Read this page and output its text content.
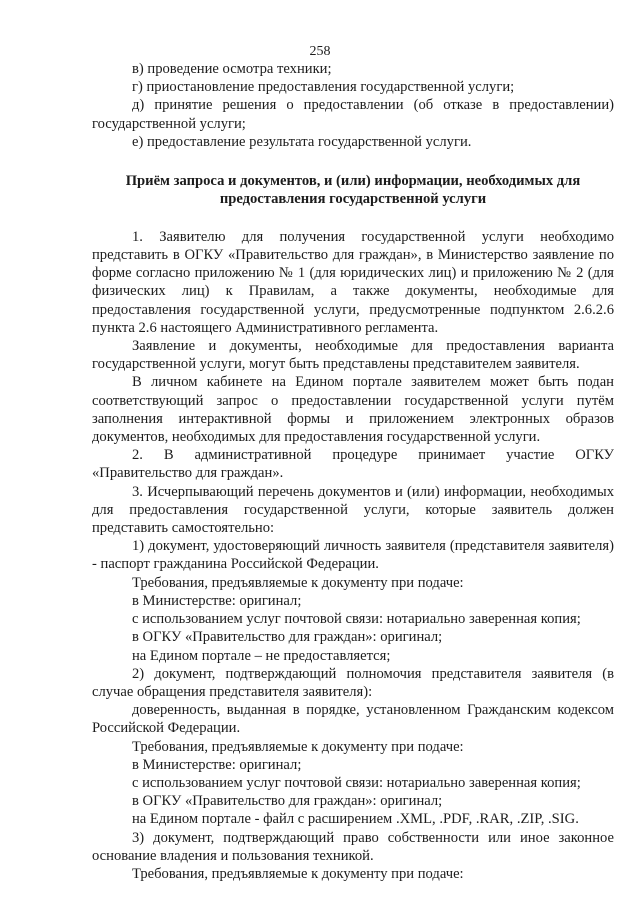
258

в) проведение осмотра техники;

г) приостановление предоставления государственной услуги;

д) принятие решения о предоставлении (об отказе в предоставлении) государственной услуги;

е) предоставление результата государственной услуги.

Приём запроса и документов, и (или) информации, необходимых для предоставления государственной услуги

1. Заявителю для получения государственной услуги необходимо представить в ОГКУ «Правительство для граждан», в Министерство заявление по форме согласно приложению № 1 (для юридических лиц) и приложению № 2 (для физических лиц) к Правилам, а также документы, необходимые для предоставления государственной услуги, предусмотренные подпунктом 2.6.2.6 пункта 2.6 настоящего Административного регламента.

Заявление и документы, необходимые для предоставления варианта государственной услуги, могут быть представлены представителем заявителя.

В личном кабинете на Едином портале заявителем может быть подан соответствующий запрос о предоставлении государственной услуги путём заполнения интерактивной формы и приложением электронных образов документов, необходимых для предоставления государственной услуги.

2. В административной процедуре принимает участие ОГКУ «Правительство для граждан».

3. Исчерпывающий перечень документов и (или) информации, необходимых для предоставления государственной услуги, которые заявитель должен представить самостоятельно:

1) документ, удостоверяющий личность заявителя (представителя заявителя) - паспорт гражданина Российской Федерации.

Требования, предъявляемые к документу при подаче:

в Министерстве: оригинал;

с использованием услуг почтовой связи: нотариально заверенная копия;

в ОГКУ «Правительство для граждан»: оригинал;

на Едином портале – не предоставляется;

2) документ, подтверждающий полномочия представителя заявителя (в случае обращения представителя заявителя):

доверенность, выданная в порядке, установленном Гражданским кодексом Российской Федерации.

Требования, предъявляемые к документу при подаче:

в Министерстве: оригинал;

с использованием услуг почтовой связи: нотариально заверенная копия;

в ОГКУ «Правительство для граждан»: оригинал;

на Едином портале - файл с расширением .XML, .PDF, .RAR, .ZIP, .SIG.

3) документ, подтверждающий право собственности или иное законное основание владения и пользования техникой.

Требования, предъявляемые к документу при подаче:
